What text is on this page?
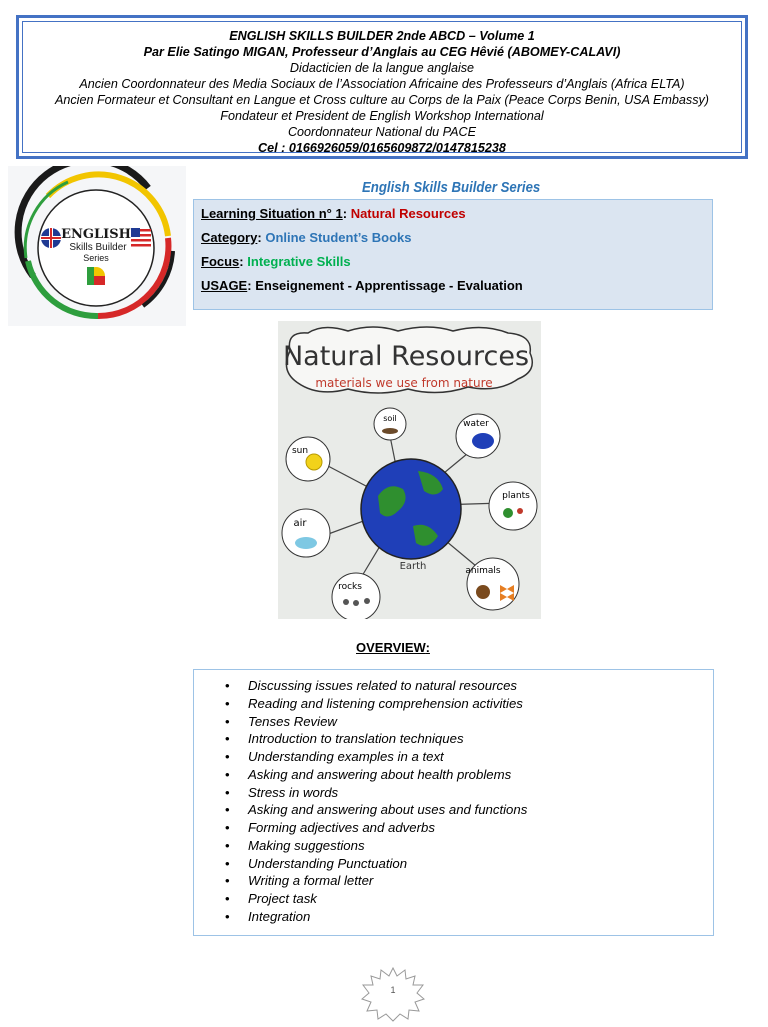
ENGLISH SKILLS BUILDER 2nde ABCD – Volume 1
Par Elie Satingo MIGAN, Professeur d’Anglais au CEG Hêvié (ABOMEY-CALAVI)
Didacticien de la langue anglaise
Ancien Coordonnateur des Media Sociaux de l’Association Africaine des Professeurs d’Anglais (Africa ELTA)
Ancien Formateur et Consultant en Langue et Cross culture au Corps de la Paix (Peace Corps Benin, USA Embassy)
Fondateur et President de English Workshop International
Coordonnateur National du PACE
Cel : 0166926059/0165609872/0147815238
ENGLISH
Skills Builder
Series
English Skills Builder Series
Learning Situation n° 1: Natural Resources
Category: Online Student’s Books
Focus: Integrative Skills
USAGE: Enseignement - Apprentissage - Evaluation
Natural Resources
materials we use from nature
Earth
soil
water
sun
plants
air
animals
rocks
OVERVIEW:
• Discussing issues related to natural resources
• Reading and listening comprehension activities
• Tenses Review
• Introduction to translation techniques
• Understanding examples in a text
• Asking and answering about health problems
• Stress in words
• Asking and answering about uses and functions
• Forming adjectives and adverbs
• Making suggestions
• Understanding Punctuation
• Writing a formal letter
• Project task
• Integration
1
